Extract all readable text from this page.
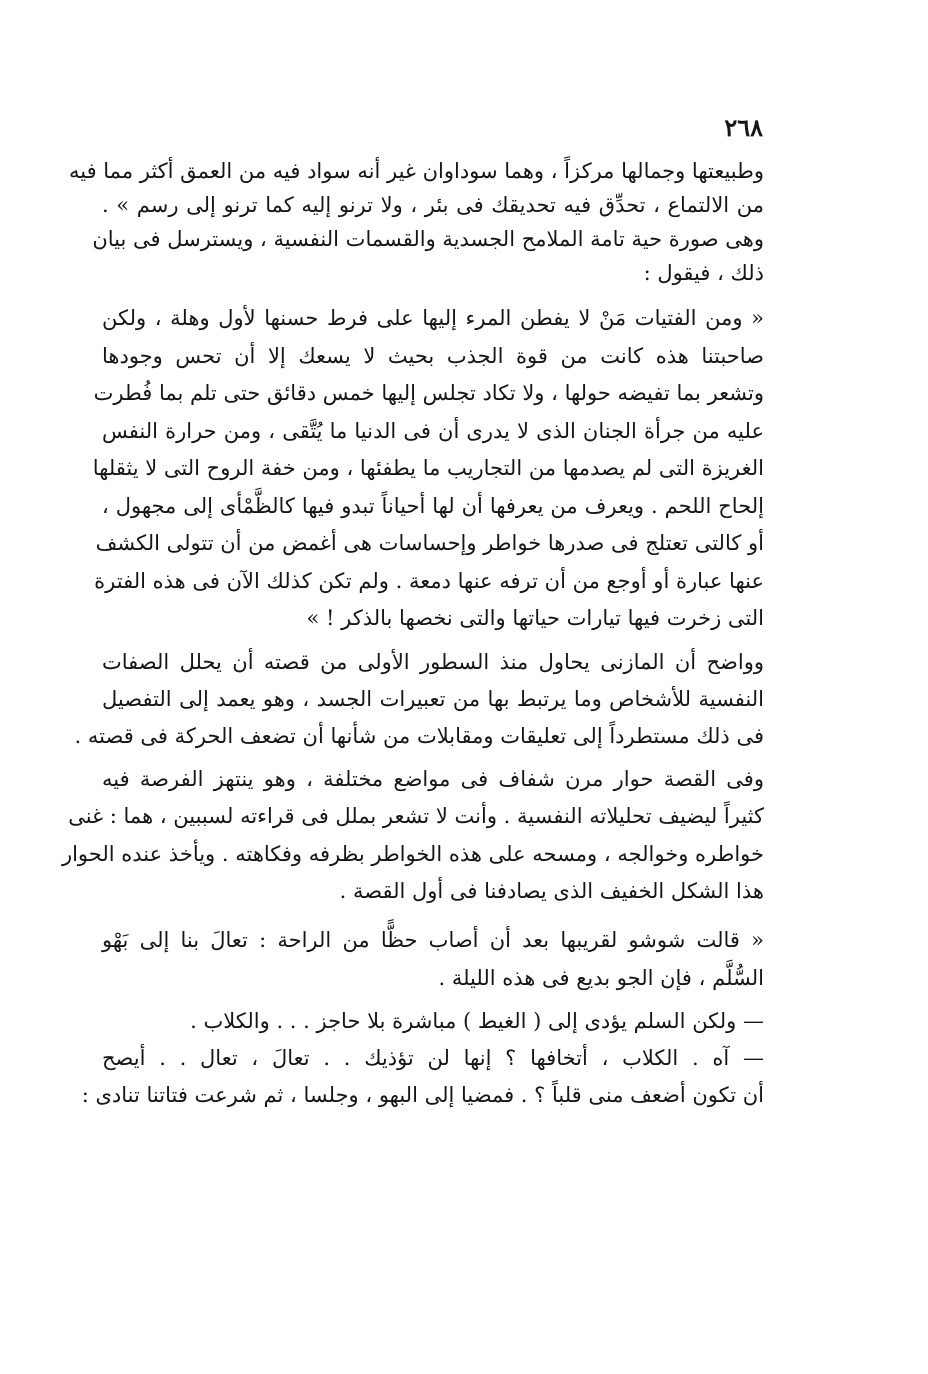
٢٦٨
وطبيعتها وجمالها مركزاً ، وهما سوداوان غير أنه سواد فيه من العمق أكثر مما فيه
من الالتماع ، تحدِّق فيه تحديقك فى بئر ، ولا ترنو إليه كما ترنو إلى رسم » .
وهى صورة حية تامة الملامح الجسدية والقسمات النفسية ، ويسترسل فى بيان
ذلك ، فيقول :
« ومن الفتيات مَنْ لا يفطن المرء إليها على فرط حسنها لأول وهلة ، ولكن
صاحبتنا هذه كانت من قوة الجذب بحيث لا يسعك إلا أن تحس وجودها
وتشعر بما تفيضه حولها ، ولا تكاد تجلس إليها خمس دقائق حتى تلم بما فُطرت
عليه من جرأة الجنان الذى لا يدرى أن فى الدنيا ما يُتَّقى ، ومن حرارة النفس
الغريزة التى لم يصدمها من التجاريب ما يطفئها ، ومن خفة الروح التى لا يثقلها
إلحاح اللحم . ويعرف من يعرفها أن لها أحياناً تبدو فيها كالظَّمْأى إلى مجهول ،
أو كالتى تعتلج فى صدرها خواطر وإحساسات هى أغمض من أن تتولى الكشف
عنها عبارة أو أوجع من أن ترفه عنها دمعة . ولم تكن كذلك الآن فى هذه الفترة
التى زخرت فيها تيارات حياتها والتى نخصها بالذكر ! »
وواضح أن المازنى يحاول منذ السطور الأولى من قصته أن يحلل الصفات
النفسية للأشخاص وما يرتبط بها من تعبيرات الجسد ، وهو يعمد إلى التفصيل
فى ذلك مستطرداً إلى تعليقات ومقابلات من شأنها أن تضعف الحركة فى قصته .
وفى القصة حوار مرن شفاف فى مواضع مختلفة ، وهو ينتهز الفرصة فيه
كثيراً ليضيف تحليلاته النفسية . وأنت لا تشعر بملل فى قراءته لسببين ، هما : غنى
خواطره وخوالجه ، ومسحه على هذه الخواطر بظرفه وفكاهته . ويأخذ عنده الحوار
هذا الشكل الخفيف الذى يصادفنا فى أول القصة .
« قالت شوشو لقريبها بعد أن أصاب حظًّا من الراحة : تعالَ بنا إلى بَهْو
السُّلَّم ، فإن الجو بديع فى هذه الليلة .
— ولكن السلم يؤدى إلى ( الغيط ) مباشرة بلا حاجز . . . والكلاب .
— آه . الكلاب ، أتخافها ؟ إنها لن تؤذيك . . تعالَ ، تعال . . أيصح
أن تكون أضعف منى قلباً ؟ . فمضيا إلى البهو ، وجلسا ، ثم شرعت فتاتنا تنادى :
